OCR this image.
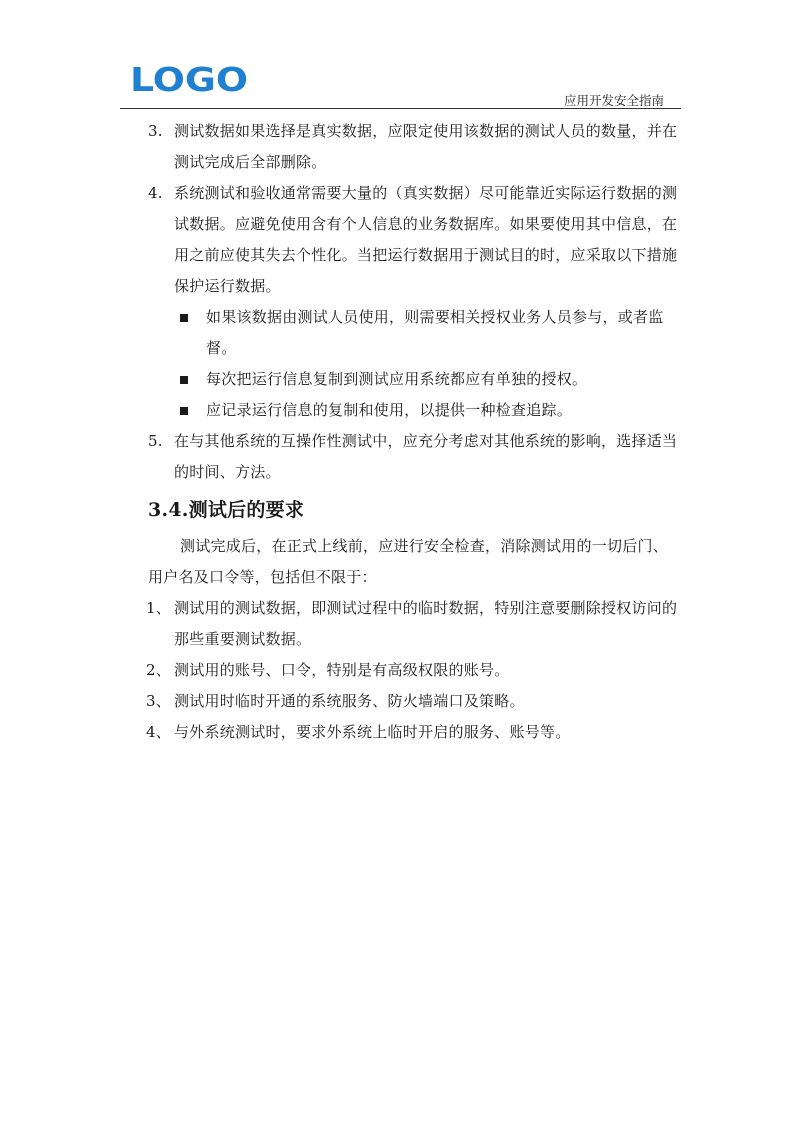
LOGO
应用开发安全指南
3. 测试数据如果选择是真实数据，应限定使用该数据的测试人员的数量，并在测试完成后全部删除。
4. 系统测试和验收通常需要大量的（真实数据）尽可能靠近实际运行数据的测试数据。应避免使用含有个人信息的业务数据库。如果要使用其中信息，在用之前应使其失去个性化。当把运行数据用于测试目的时，应采取以下措施保护运行数据。
如果该数据由测试人员使用，则需要相关授权业务人员参与，或者监督。
每次把运行信息复制到测试应用系统都应有单独的授权。
应记录运行信息的复制和使用，以提供一种检查追踪。
5. 在与其他系统的互操作性测试中，应充分考虑对其他系统的影响，选择适当的时间、方法。
3.4.测试后的要求
测试完成后，在正式上线前，应进行安全检查，消除测试用的一切后门、用户名及口令等，包括但不限于：
1、 测试用的测试数据，即测试过程中的临时数据，特别注意要删除授权访问的那些重要测试数据。
2、 测试用的账号、口令，特别是有高级权限的账号。
3、 测试用时临时开通的系统服务、防火墙端口及策略。
4、 与外系统测试时，要求外系统上临时开启的服务、账号等。
